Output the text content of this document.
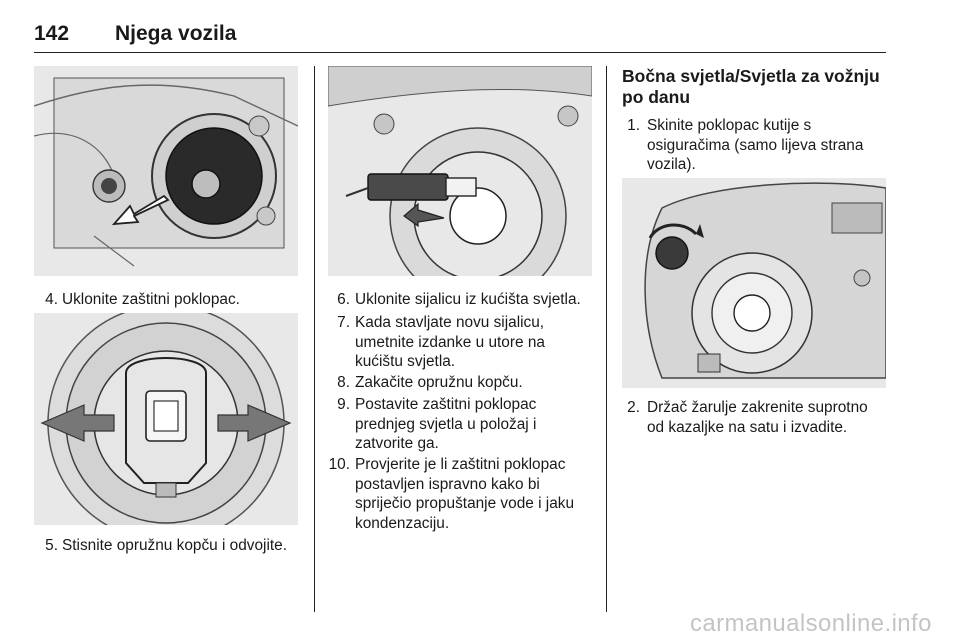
142 Njega vozila
4. Uklonite zaštitni poklopac.
5. Stisnite opružnu kopču i odvojite.
6. Uklonite sijalicu iz kućišta svjetla.
7. Kada stavljate novu sijalicu, umetnite izdanke u utore na kućištu svjetla.
8. Zakačite opružnu kopču.
9. Postavite zaštitni poklopac prednjeg svjetla u položaj i zatvorite ga.
10. Provjerite je li zaštitni poklopac postavljen ispravno kako bi spriječio propuštanje vode i jaku kondenzaciju.
Bočna svjetla/Svjetla za vožnju po danu
1. Skinite poklopac kutije s osiguračima (samo lijeva strana vozila).
2. Držač žarulje zakrenite suprotno od kazaljke na satu i izvadite.
carmanualsonline.info
